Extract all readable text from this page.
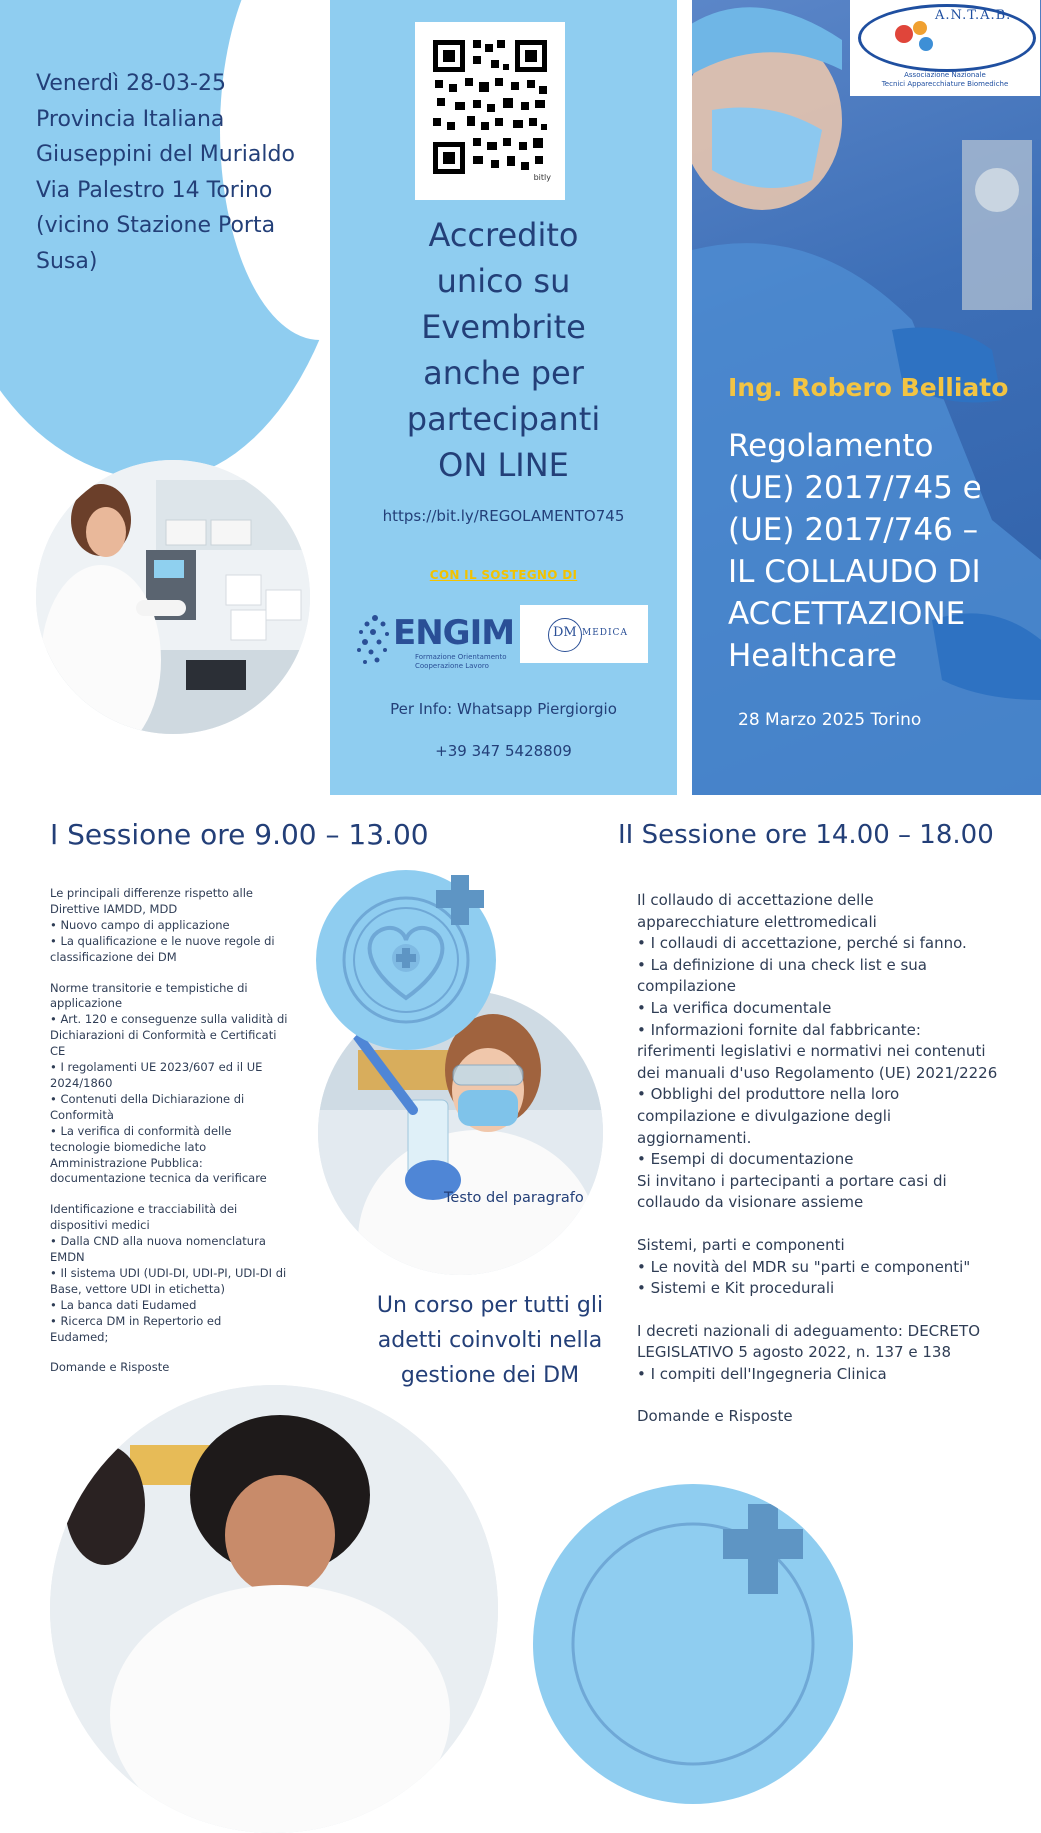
Venerdì 28-03-25
Provincia Italiana
Giuseppini del Murialdo
Via Palestro 14 Torino
(vicino Stazione Porta
Susa)
bitly
Accredito
unico su
Evembrite
anche per
partecipanti
ON LINE
https://bit.ly/REGOLAMENTO745
CON IL SOSTEGNO DI
ENGIM
Formazione Orientamento
Cooperazione Lavoro
DM MEDICA
Per Info: Whatsapp Piergiorgio
+39 347 5428809
A.N.T.A.B.
Associazione Nazionale
Tecnici Apparecchiature Biomediche
Ing. Robero Belliato
Regolamento
(UE) 2017/745 e
(UE) 2017/746 –
IL COLLAUDO DI
ACCETTAZIONE
Healthcare
28 Marzo 2025 Torino
I Sessione ore 9.00 – 13.00	II Sessione ore 14.00 – 18.00

Le principali differenze rispetto alle
Direttive IAMDD, MDD
• Nuovo campo di applicazione
• La qualificazione e le nuove regole di
classificazione dei DM

Norme transitorie e tempistiche di
applicazione
• Art. 120 e conseguenze sulla validità di
Dichiarazioni di Conformità e Certificati
CE
• I regolamenti UE 2023/607 ed il UE
2024/1860
• Contenuti della Dichiarazione di
Conformità
• La verifica di conformità delle
tecnologie biomediche lato
Amministrazione Pubblica:
documentazione tecnica da verificare

Identificazione e tracciabilità dei
dispositivi medici
• Dalla CND alla nuova nomenclatura
EMDN
• Il sistema UDI (UDI-DI, UDI-PI, UDI-DI di
Base, vettore UDI in etichetta)
• La banca dati Eudamed
• Ricerca DM in Repertorio ed
Eudamed;

Domande e Risposte

Il collaudo di accettazione delle
apparecchiature elettromedicali
• I collaudi di accettazione, perché si fanno.
• La definizione di una check list e sua
compilazione
• La verifica documentale
• Informazioni fornite dal fabbricante:
riferimenti legislativi e normativi nei contenuti
dei manuali d'uso Regolamento (UE) 2021/2226
• Obblighi del produttore nella loro
compilazione e divulgazione degli
aggiornamenti.
• Esempi di documentazione
Si invitano i partecipanti a portare casi di
collaudo da visionare assieme

Sistemi, parti e componenti
• Le novità del MDR su "parti e componenti"
• Sistemi e Kit procedurali

I decreti nazionali di adeguamento: DECRETO
LEGISLATIVO 5 agosto 2022, n. 137 e 138
• I compiti dell'Ingegneria Clinica

Domande e Risposte

Testo del paragrafo
Un corso per tutti gli
adetti coinvolti nella
gestione dei DM
